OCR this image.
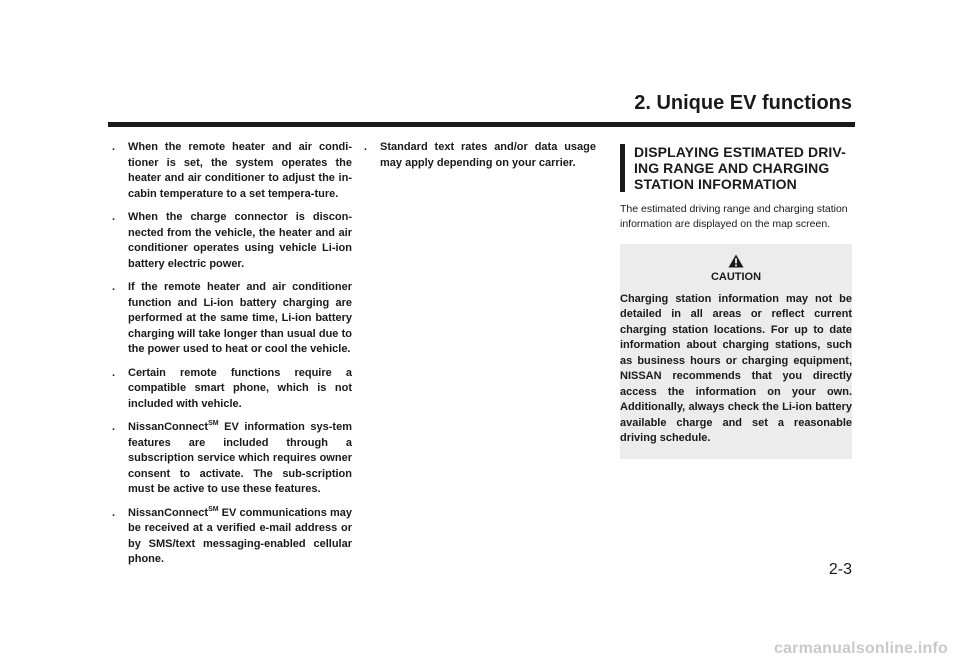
2. Unique EV functions
. When the remote heater and air condi-tioner is set, the system operates the heater and air conditioner to adjust the in-cabin temperature to a set tempera-ture.
. When the charge connector is discon-nected from the vehicle, the heater and air conditioner operates using vehicle Li-ion battery electric power.
. If the remote heater and air conditioner function and Li-ion battery charging are performed at the same time, Li-ion battery charging will take longer than usual due to the power used to heat or cool the vehicle.
. Certain remote functions require a compatible smart phone, which is not included with vehicle.
. NissanConnect℠ EV information sys-tem features are included through a subscription service which requires owner consent to activate. The sub-scription must be active to use these features.
. NissanConnect℠ EV communications may be received at a verified e-mail address or by SMS/text messaging-enabled cellular phone.
. Standard text rates and/or data usage may apply depending on your carrier.
DISPLAYING ESTIMATED DRIV-ING RANGE AND CHARGING STATION INFORMATION

The estimated driving range and charging station information are displayed on the map screen.

CAUTION

Charging station information may not be detailed in all areas or reflect current charging station locations. For up to date information about charging stations, such as business hours or charging equipment, NISSAN recommends that you directly access the information on your own. Additionally, always check the Li-ion battery available charge and set a reasonable driving schedule.

2-3
carmanualsonline.info
